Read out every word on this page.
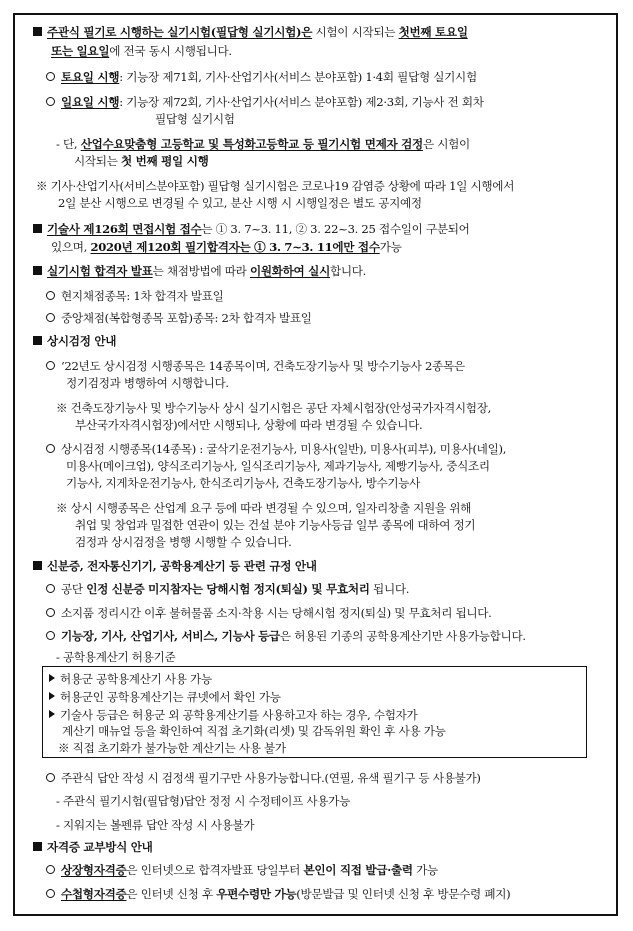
주관식 필기로 시행하는 실기시험(필답형 실기시험)은 시험이 시작되는 첫번째 토요일
또는 일요일에 전국 동시 시행됩니다.
토요일 시행: 기능장 제71회, 기사·산업기사(서비스 분야포함) 1·4회 필답형 실기시험
일요일 시행: 기능장 제72회, 기사·산업기사(서비스 분야포함) 제2·3회, 기능사 전 회차
필답형 실기시험
- 단, 산업수요맞춤형 고등학교 및 특성화고등학교 등 필기시험 면제자 검정은 시험이
시작되는 첫 번째 평일 시행
※ 기사·산업기사(서비스분야포함) 필답형 실기시험은 코로나19 감염증 상황에 따라 1일 시행에서
2일 분산 시행으로 변경될 수 있고, 분산 시행 시 시행일정은 별도 공지예정
기술사 제126회 면접시험 접수는 ① 3. 7~3. 11, ② 3. 22~3. 25 접수일이 구분되어
있으며, 2020년 제120회 필기합격자는 ① 3. 7~3. 11에만 접수가능
실기시험 합격자 발표는 채점방법에 따라 이원화하여 실시합니다.
현지채점종목: 1차 합격자 발표일
중앙채점(복합형종목 포함)종목: 2차 합격자 발표일
상시검정 안내
‘22년도 상시검정 시행종목은 14종목이며, 건축도장기능사 및 방수기능사 2종목은
정기검정과 병행하여 시행합니다.
※ 건축도장기능사 및 방수기능사 상시 실기시험은 공단 자체시험장(안성국가자격시험장,
부산국가자격시험장)에서만 시행되나, 상황에 따라 변경될 수 있습니다.
상시검정 시행종목(14종목) : 굴삭기운전기능사, 미용사(일반), 미용사(피부), 미용사(네일),
미용사(메이크업), 양식조리기능사, 일식조리기능사, 제과기능사, 제빵기능사, 중식조리
기능사, 지게차운전기능사, 한식조리기능사, 건축도장기능사, 방수기능사
※ 상시 시행종목은 산업계 요구 등에 따라 변경될 수 있으며, 일자리창출 지원을 위해
취업 및 창업과 밀접한 연관이 있는 건설 분야 기능사등급 일부 종목에 대하여 정기
검정과 상시검정을 병행 시행할 수 있습니다.
신분증, 전자통신기기, 공학용계산기 등 관련 규정 안내
공단 인정 신분증 미지참자는 당해시험 정지(퇴실) 및 무효처리 됩니다.
소지품 정리시간 이후 불허물품 소지·착용 시는 당해시험 정지(퇴실) 및 무효처리 됩니다.
기능장, 기사, 산업기사, 서비스, 기능사 등급은 허용된 기종의 공학용계산기만 사용가능합니다.
- 공학용계산기 허용기준
허용군 공학용계산기 사용 가능
허용군인 공학용계산기는 큐넷에서 확인 가능
기술사 등급은 허용군 외 공학용계산기를 사용하고자 하는 경우, 수험자가
계산기 매뉴얼 등을 확인하여 직접 초기화(리셋) 및 감독위원 확인 후 사용 가능
※ 직접 초기화가 불가능한 계산기는 사용 불가
주관식 답안 작성 시 검정색 필기구만 사용가능합니다.(연필, 유색 필기구 등 사용불가)
- 주관식 필기시험(필답형)답안 정정 시 수정테이프 사용가능
- 지워지는 볼펜류 답안 작성 시 사용불가
자격증 교부방식 안내
상장형자격증은 인터넷으로 합격자발표 당일부터 본인이 직접 발급·출력 가능
수첩형자격증은 인터넷 신청 후 우편수령만 가능(방문발급 및 인터넷 신청 후 방문수령 폐지)
